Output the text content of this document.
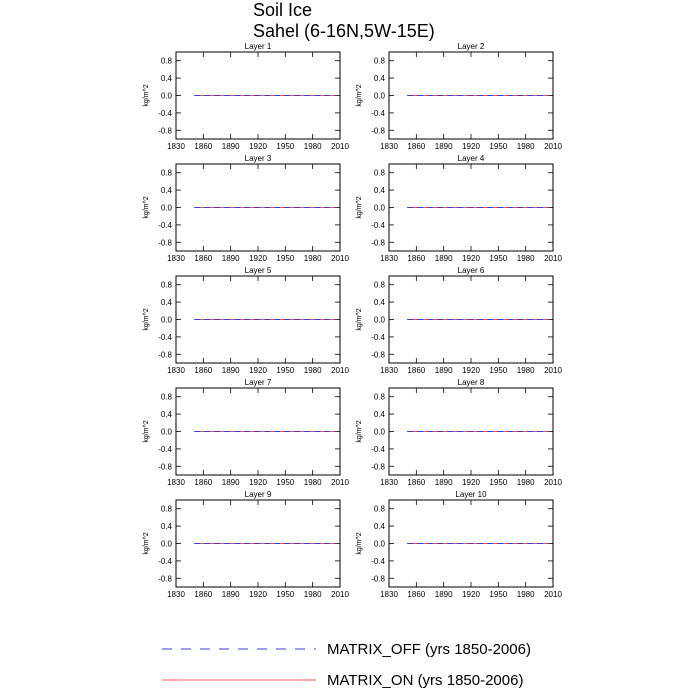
Soil Ice
Sahel (6-16N,5W-15E)
Layer 1
1830 1860 1890 1920 1950 1980 2010
-0.8
-0.4
0.0
0.4
0.8
kg/m^2
Layer 2
1830 1860 1890 1920 1950 1980 2010
-0.8
-0.4
0.0
0.4
0.8
kg/m^2
Layer 3
1830 1860 1890 1920 1950 1980 2010
-0.8
-0.4
0.0
0.4
0.8
kg/m^2
Layer 4
1830 1860 1890 1920 1950 1980 2010
-0.8
-0.4
0.0
0.4
0.8
kg/m^2
Layer 5
1830 1860 1890 1920 1950 1980 2010
-0.8
-0.4
0.0
0.4
0.8
kg/m^2
Layer 6
1830 1860 1890 1920 1950 1980 2010
-0.8
-0.4
0.0
0.4
0.8
kg/m^2
Layer 7
1830 1860 1890 1920 1950 1980 2010
-0.8
-0.4
0.0
0.4
0.8
kg/m^2
Layer 8
1830 1860 1890 1920 1950 1980 2010
-0.8
-0.4
0.0
0.4
0.8
kg/m^2
Layer 9
1830 1860 1890 1920 1950 1980 2010
-0.8
-0.4
0.0
0.4
0.8
kg/m^2
Layer 10
1830 1860 1890 1920 1950 1980 2010
-0.8
-0.4
0.0
0.4
0.8
kg/m^2
MATRIX_OFF (yrs 1850-2006)
MATRIX_ON (yrs 1850-2006)
